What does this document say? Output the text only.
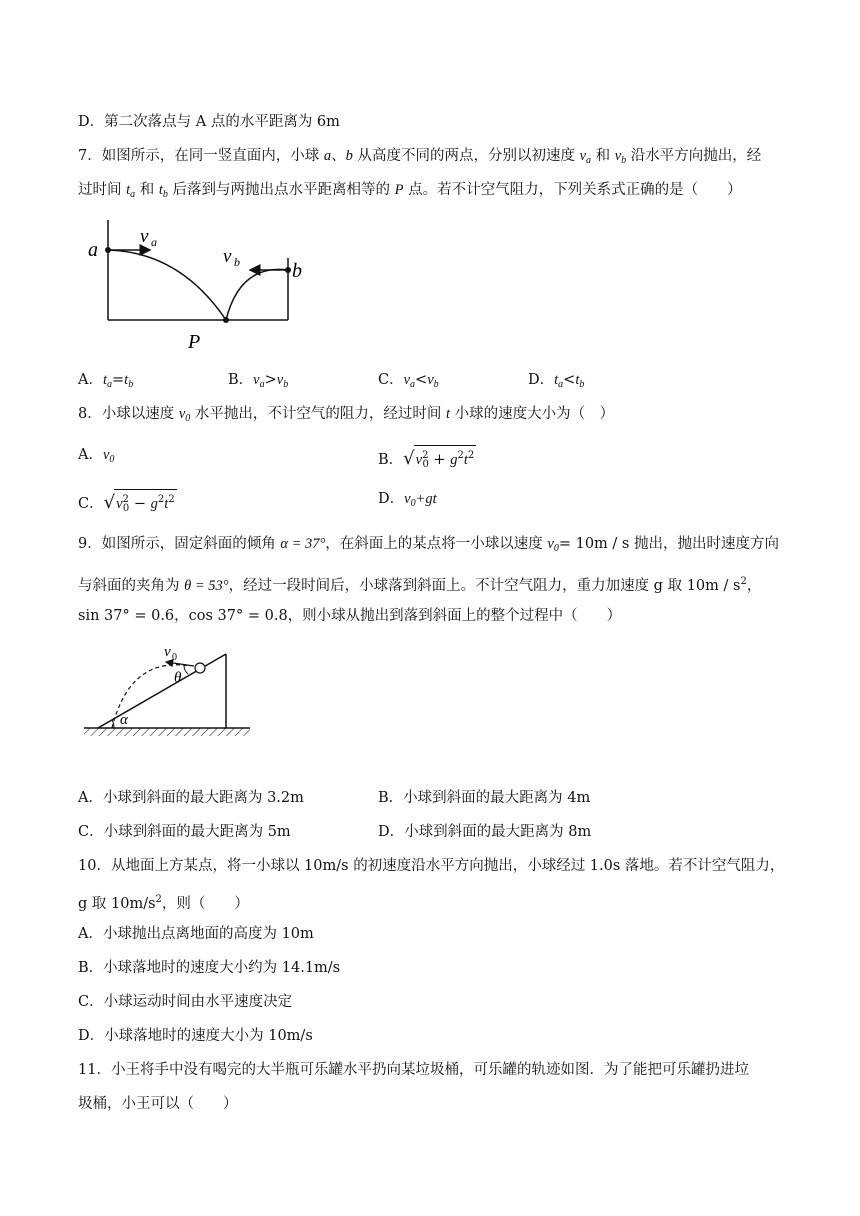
D．第二次落点与 A 点的水平距离为 6m
7．如图所示，在同一竖直面内，小球 a、b 从高度不同的两点，分别以初速度 $v_a$ 和 $v_b$ 沿水平方向抛出，经
过时间 $t_a$ 和 $t_b$ 后落到与两抛出点水平距离相等的 P 点。若不计空气阻力，下列关系式正确的是（　　）
a
b
P
v a
v b
A．$t_a=t_b$	B．$v_a>v_b$	C．$v_a<v_b$	D．$t_a<t_b$
8．小球以速度 $v_0$ 水平抛出，不计空气的阻力，经过时间 t 小球的速度大小为（　）
A．$v_0$	B．$√v^2_0 + g^2t^2$
C．$√v^2_0 - g^2t^2$	D．$v_0+gt$
9．如图所示，固定斜面的倾角 α = 37°，在斜面上的某点将一小球以速度 $v_0= 10m / s$ 抛出，抛出时速度方向
与斜面的夹角为 θ = 53°，经过一段时间后，小球落到斜面上。不计空气阻力，重力加速度 g 取 $10m / s^2$，
sin 37° = 0.6，cos 37° = 0.8，则小球从抛出到落到斜面上的整个过程中（　　）
v 0
θ
α
A．小球到斜面的最大距离为 3.2m	B．小球到斜面的最大距离为 4m
C．小球到斜面的最大距离为 5m	D．小球到斜面的最大距离为 8m
10．从地面上方某点，将一小球以 10m/s 的初速度沿水平方向抛出，小球经过 1.0s 落地。若不计空气阻力，
g 取 $10m/s^2$，则（　　）
A．小球抛出点离地面的高度为 10m
B．小球落地时的速度大小约为 14.1m/s
C．小球运动时间由水平速度决定
D．小球落地时的速度大小为 10m/s
11．小王将手中没有喝完的大半瓶可乐罐水平扔向某垃圾桶，可乐罐的轨迹如图．为了能把可乐罐扔进垃
圾桶，小王可以（　　）
